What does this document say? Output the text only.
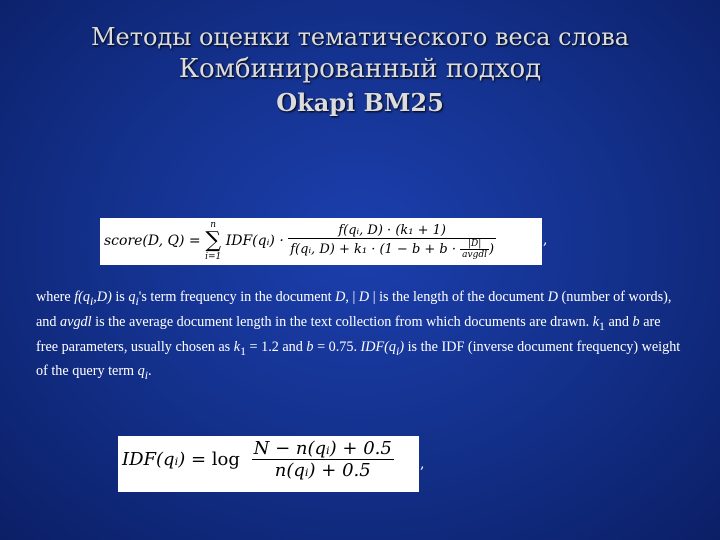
Методы оценки тематического веса слова
Комбинированный подход
Okapi BM25
score(D, Q) =
n
∑
i=1
IDF(qᵢ) ·
f(qᵢ, D) · (k₁ + 1)
f(qᵢ, $D) + k_1 \cdot (1 - b + b \cdot \frac{|D|}{\text{avgdl}}$ )
,
where $f(q_i,D)$ is $q_i's$ term frequency in the document D, | D | is the length of the document D (number of words), and avgdl is the average document length in the text collection from which documents are drawn. $k_1$ and b are free parameters, usually chosen as $k_1 = 1.2$ and b = 0.75. $IDF(q_i)$ is the IDF (inverse document frequency) weight of the query term $q_i$.
IDF(qᵢ) = $\log \frac{\text{N − n(qᵢ) + 0.5}}{\text{n(qᵢ) + 0.5}}$ ,
